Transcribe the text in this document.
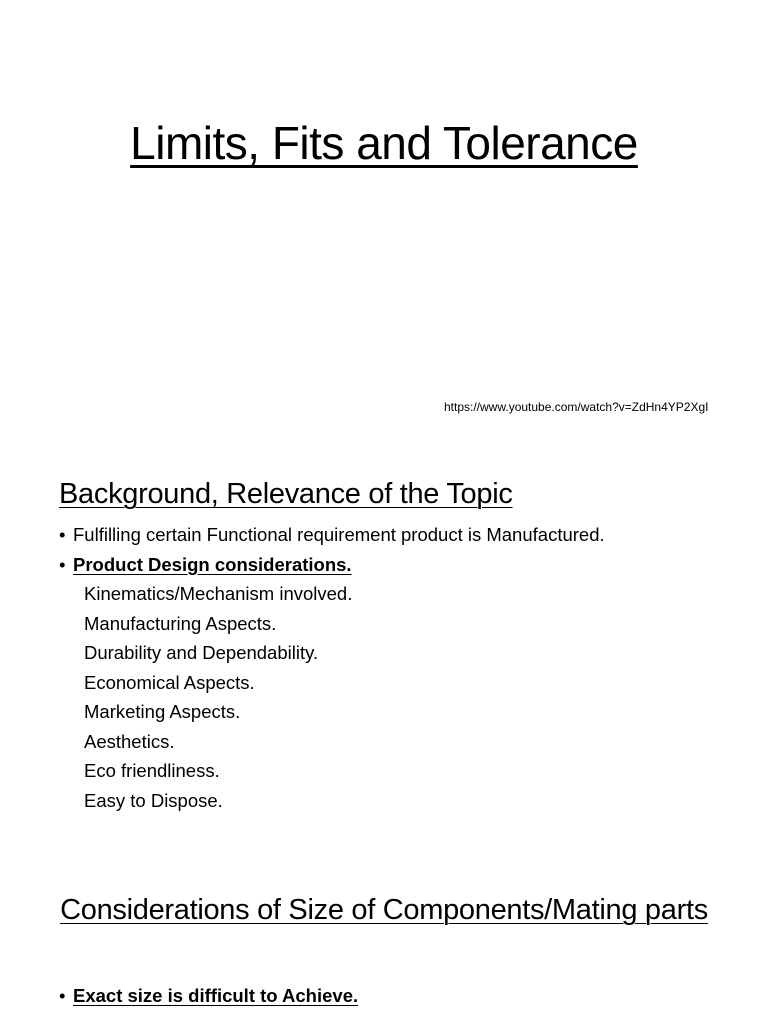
Limits, Fits and Tolerance
https://www.youtube.com/watch?v=ZdHn4YP2XgI
Background, Relevance of the Topic
• Fulfilling certain Functional requirement product is Manufactured.
• Product Design considerations.
Kinematics/Mechanism involved.
Manufacturing Aspects.
Durability and Dependability.
Economical Aspects.
Marketing Aspects.
Aesthetics.
Eco friendliness.
Easy to Dispose.
Considerations of Size of Components/Mating parts
• Exact size is difficult to Achieve.
